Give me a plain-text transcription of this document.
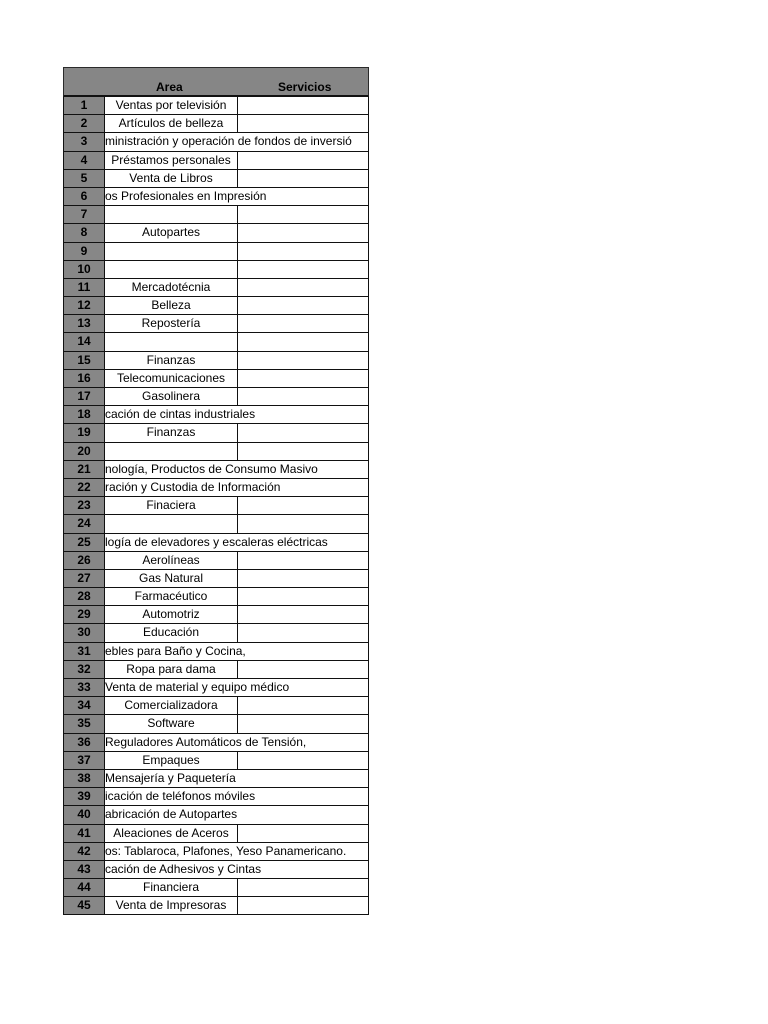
Area	Servicios
1	Ventas por televisión
2	Artículos de belleza
3	ministración y operación de fondos de inversió
4	Préstamos personales
5	Venta de Libros
6	os Profesionales en Impresión
7
8	Autopartes
9
10
11	Mercadotécnia
12	Belleza
13	Repostería
14
15	Finanzas
16	Telecomunicaciones
17	Gasolinera
18	cación de cintas industriales
19	Finanzas
20
21	nología, Productos de Consumo Masivo
22	ración y Custodia de Información
23	Finaciera
24
25	logía de elevadores y escaleras eléctricas
26	Aerolíneas
27	Gas Natural
28	Farmacéutico
29	Automotriz
30	Educación
31	ebles para Baño y Cocina,
32	Ropa para dama
33	Venta de material y equipo médico
34	Comercializadora
35	Software
36	Reguladores Automáticos de Tensión,
37	Empaques
38	Mensajería y Paquetería
39	icación de teléfonos móviles
40	abricación de Autopartes
41	Aleaciones de Aceros
42	os: Tablaroca, Plafones, Yeso Panamericano.
43	cación de Adhesivos y Cintas
44	Financiera
45	Venta de Impresoras
